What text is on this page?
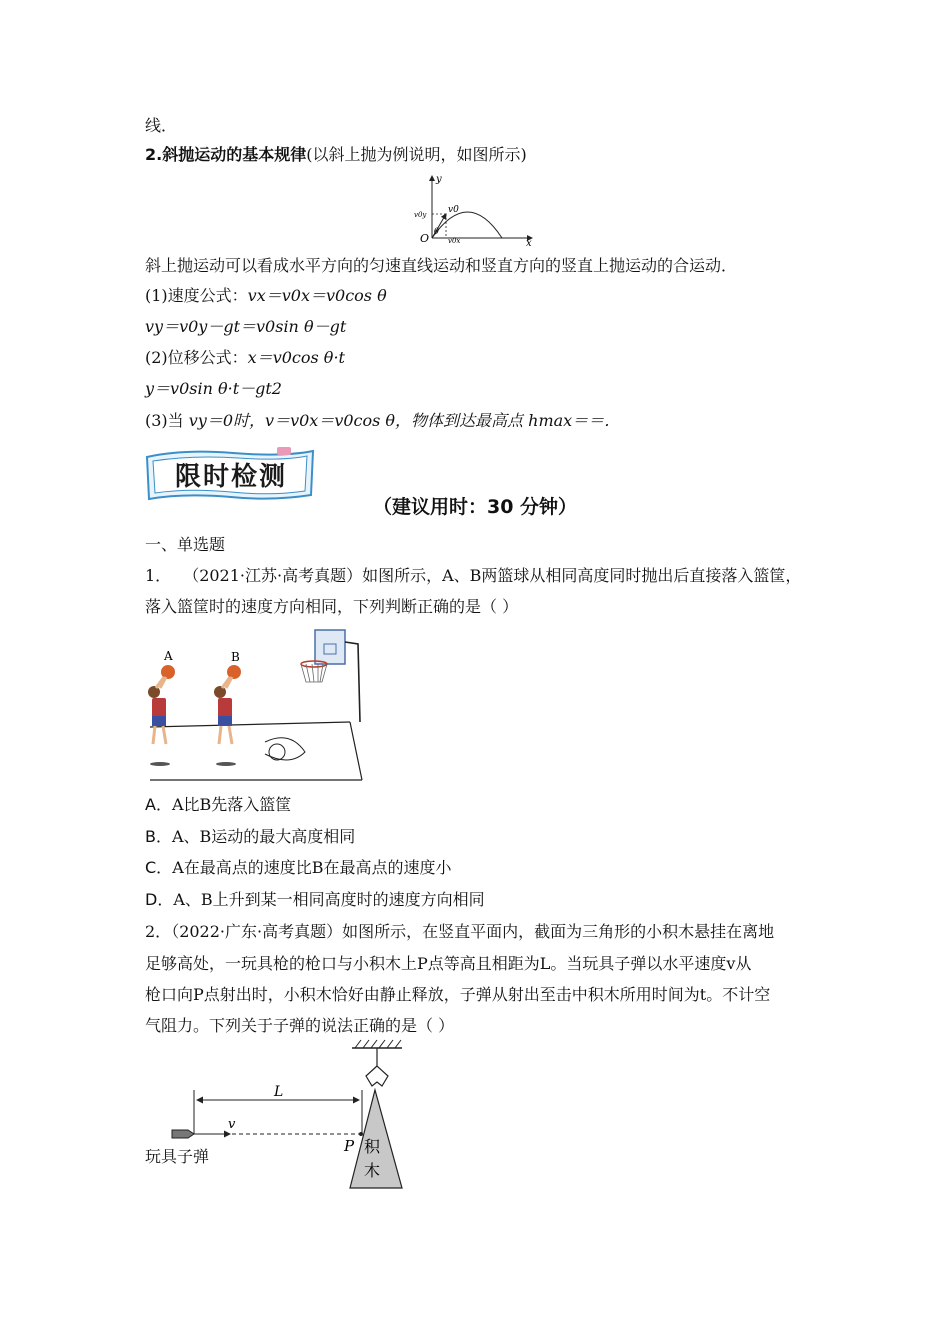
线．
2.斜抛运动的基本规律(以斜上抛为例说明，如图所示)
y
x
O
v0
v0y
v0x
θ
斜上抛运动可以看成水平方向的匀速直线运动和竖直方向的竖直上抛运动的合运动．
(1)速度公式：vx＝v0x＝v0cos θ
vy＝v0y－gt＝v0sin θ－gt
(2)位移公式：x＝v0cos θ·t
y＝v0sin θ·t－gt2
(3)当 vy＝0时，v＝v0x＝v0cos θ，物体到达最高点 hmax＝＝．
限时检测
（建议用时：30 分钟）
一、单选题
1． （2021·江苏·高考真题）如图所示，A、B两篮球从相同高度同时抛出后直接落入篮筐，
落入篮筐时的速度方向相同，下列判断正确的是（ ）
A	B
A．A比B先落入篮筐
B．A、B运动的最大高度相同
C．A在最高点的速度比B在最高点的速度小
D．A、B上升到某一相同高度时的速度方向相同
2．（2022·广东·高考真题）如图所示，在竖直平面内，截面为三角形的小积木悬挂在离地
足够高处，一玩具枪的枪口与小积木上P点等高且相距为L。当玩具子弹以水平速度v从
枪口向P点射出时，小积木恰好由静止释放，子弹从射出至击中积木所用时间为t。不计空
气阻力。下列关于子弹的说法正确的是（ ）
积
木
L
v
P
玩具子弹
